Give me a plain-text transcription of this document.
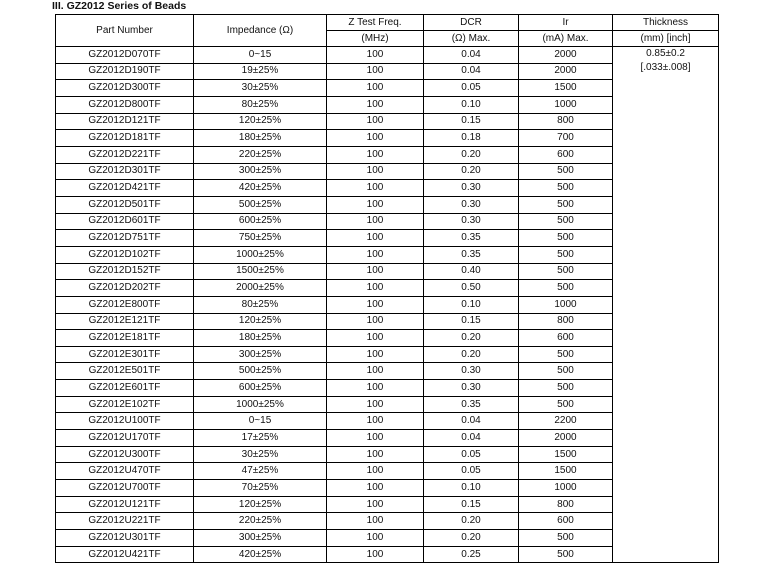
III. GZ2012 Series of Beads
Part Number	Impedance (Ω)	Z Test Freq.	DCR	Ir	Thickness
		(MHz)	(Ω) Max.	(mA) Max.	(mm) [inch]
GZ2012D070TF	0~15	100	0.04	2000	0.85±0.2
[.033±.008]

GZ2012D190TF	19±25%	100	0.04	2000	
GZ2012D300TF	30±25%	100	0.05	1500	
GZ2012D800TF	80±25%	100	0.10	1000	
GZ2012D121TF	120±25%	100	0.15	800	
GZ2012D181TF	180±25%	100	0.18	700	
GZ2012D221TF	220±25%	100	0.20	600	
GZ2012D301TF	300±25%	100	0.20	500	
GZ2012D421TF	420±25%	100	0.30	500	
GZ2012D501TF	500±25%	100	0.30	500	
GZ2012D601TF	600±25%	100	0.30	500	
GZ2012D751TF	750±25%	100	0.35	500	
GZ2012D102TF	1000±25%	100	0.35	500	
GZ2012D152TF	1500±25%	100	0.40	500	
GZ2012D202TF	2000±25%	100	0.50	500	
GZ2012E800TF	80±25%	100	0.10	1000	
GZ2012E121TF	120±25%	100	0.15	800	
GZ2012E181TF	180±25%	100	0.20	600	
GZ2012E301TF	300±25%	100	0.20	500	
GZ2012E501TF	500±25%	100	0.30	500	
GZ2012E601TF	600±25%	100	0.30	500	
GZ2012E102TF	1000±25%	100	0.35	500	
GZ2012U100TF	0~15	100	0.04	2200	
GZ2012U170TF	17±25%	100	0.04	2000	
GZ2012U300TF	30±25%	100	0.05	1500	
GZ2012U470TF	47±25%	100	0.05	1500	
GZ2012U700TF	70±25%	100	0.10	1000	
GZ2012U121TF	120±25%	100	0.15	800	
GZ2012U221TF	220±25%	100	0.20	600	
GZ2012U301TF	300±25%	100	0.20	500	
GZ2012U421TF	420±25%	100	0.25	500	
